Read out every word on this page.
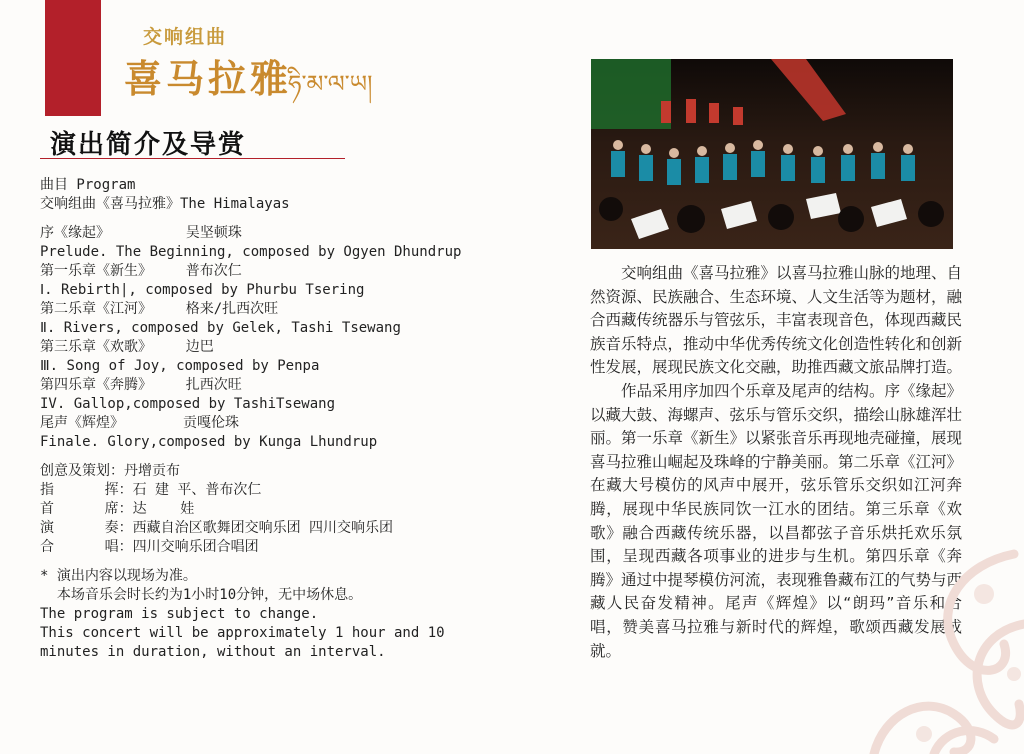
交响组曲
喜马拉雅
ཧི་མ་ལ་ཡ།
演出简介及导赏
曲目 Program
交响组曲《喜马拉雅》The Himalayas
序《缘起》         吴坚顿珠
Prelude. The Beginning, composed by Ogyen Dhundrup
第一乐章《新生》    普布次仁
Ⅰ. Rebirth|, composed by Phurbu Tsering
第二乐章《江河》    格来/扎西次旺
Ⅱ. Rivers, composed by Gelek, Tashi Tsewang
第三乐章《欢歌》    边巴
Ⅲ. Song of Joy, composed by Penpa
第四乐章《奔腾》    扎西次旺
IV. Gallop,composed by TashiTsewang
尾声《辉煌》       贡嘎伦珠
Finale. Glory,composed by Kunga Lhundrup
创意及策划：丹增贡布
指      挥：石 建 平、普布次仁
首      席：达    娃
演      奏：西藏自治区歌舞团交响乐团 四川交响乐团
合      唱：四川交响乐团合唱团
* 演出内容以现场为准。
本场音乐会时长约为1小时10分钟，无中场休息。
The program is subject to change.
This concert will be approximately 1 hour and 10
minutes in duration, without an interval.

交响组曲《喜马拉雅》以喜马拉雅山脉的地理、自然资源、民族融合、生态环境、人文生活等为题材，融合西藏传统器乐与管弦乐，丰富表现音色，体现西藏民族音乐特点，推动中华优秀传统文化创造性转化和创新性发展，展现民族文化交融，助推西藏文旅品牌打造。

作品采用序加四个乐章及尾声的结构。序《缘起》以藏大鼓、海螺声、弦乐与管乐交织，描绘山脉雄浑壮丽。第一乐章《新生》以紧张音乐再现地壳碰撞，展现喜马拉雅山崛起及珠峰的宁静美丽。第二乐章《江河》在藏大号模仿的风声中展开，弦乐管乐交织如江河奔腾，展现中华民族同饮一江水的团结。第三乐章《欢歌》融合西藏传统乐器，以昌都弦子音乐烘托欢乐氛围，呈现西藏各项事业的进步与生机。第四乐章《奔腾》通过中提琴模仿河流，表现雅鲁藏布江的气势与西藏人民奋发精神。尾声《辉煌》以“朗玛”音乐和合唱，赞美喜马拉雅与新时代的辉煌，歌颂西藏发展成就。
